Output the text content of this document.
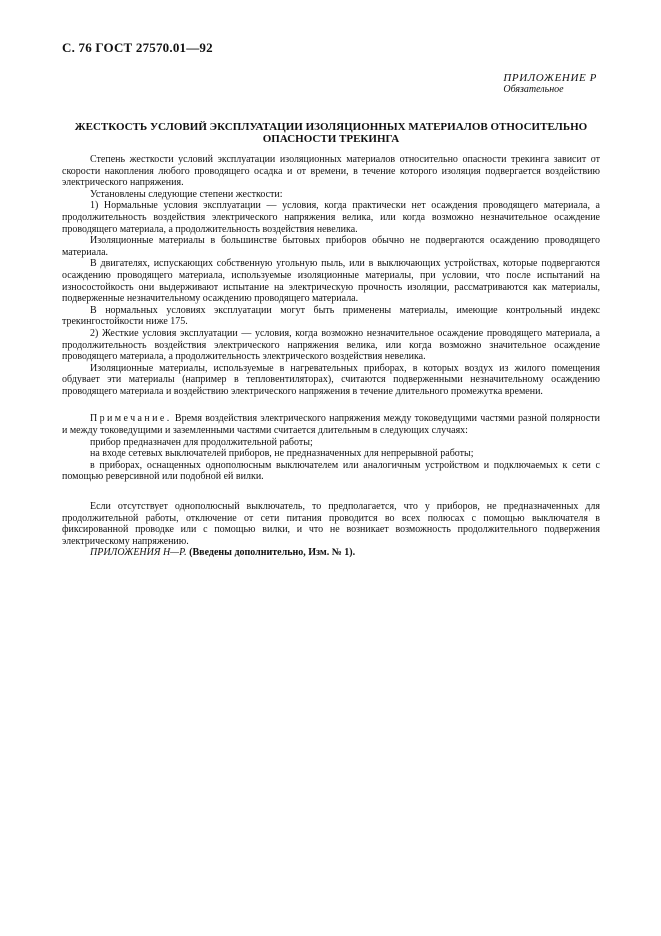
С. 76 ГОСТ 27570.01—92
ПРИЛОЖЕНИЕ Р
Обязательное
ЖЕСТКОСТЬ УСЛОВИЙ ЭКСПЛУАТАЦИИ ИЗОЛЯЦИОННЫХ МАТЕРИАЛОВ ОТНОСИТЕЛЬНО ОПАСНОСТИ ТРЕКИНГА

Степень жесткости условий эксплуатации изоляционных материалов относительно опасности трекинга зависит от скорости накопления любого проводящего осадка и от времени, в течение которого изоляция подвергается воздействию электрического напряжения.

Установлены следующие степени жесткости:

1) Нормальные условия эксплуатации — условия, когда практически нет осаждения проводящего материала, а продолжительность воздействия электрического напряжения велика, или когда возможно незначительное осаждение проводящего материала, а продолжительность воздействия невелика.

Изоляционные материалы в большинстве бытовых приборов обычно не подвергаются осаждению проводящего материала.

В двигателях, испускающих собственную угольную пыль, или в выключающих устройствах, которые подвергаются осаждению проводящего материала, используемые изоляционные материалы, при условии, что после испытаний на износостойкость они выдерживают испытание на электрическую прочность изоляции, рассматриваются как материалы, подверженные незначительному осаждению проводящего материала.

В нормальных условиях эксплуатации могут быть применены материалы, имеющие контрольный индекс трекингостойкости ниже 175.

2) Жесткие условия эксплуатации — условия, когда возможно незначительное осаждение проводящего материала, а продолжительность воздействия электрического напряжения велика, или когда возможно значительное осаждение проводящего материала, а продолжительность электрического воздействия невелика.

Изоляционные материалы, используемые в нагревательных приборах, в которых воздух из жилого помещения обдувает эти материалы (например в тепловентиляторах), считаются подверженными незначительному осаждению проводящего материала и воздействию электрического напряжения в течение длительного промежутка времени.

Примечание. Время воздействия электрического напряжения между токоведущими частями разной полярности и между токоведущими и заземленными частями считается длительным в следующих случаях:

прибор предназначен для продолжительной работы;

на входе сетевых выключателей приборов, не предназначенных для непрерывной работы;

в приборах, оснащенных однополюсным выключателем или аналогичным устройством и подключаемых к сети с помощью реверсивной или подобной ей вилки.

Если отсутствует однополюсный выключатель, то предполагается, что у приборов, не предназначенных для продолжительной работы, отключение от сети питания проводится во всех полюсах с помощью выключателя в фиксированной проводке или с помощью вилки, и что не возникает возможность продолжительного подвержения электрическому напряжению.

ПРИЛОЖЕНИЯ Н—Р. (Введены дополнительно, Изм. № 1).
